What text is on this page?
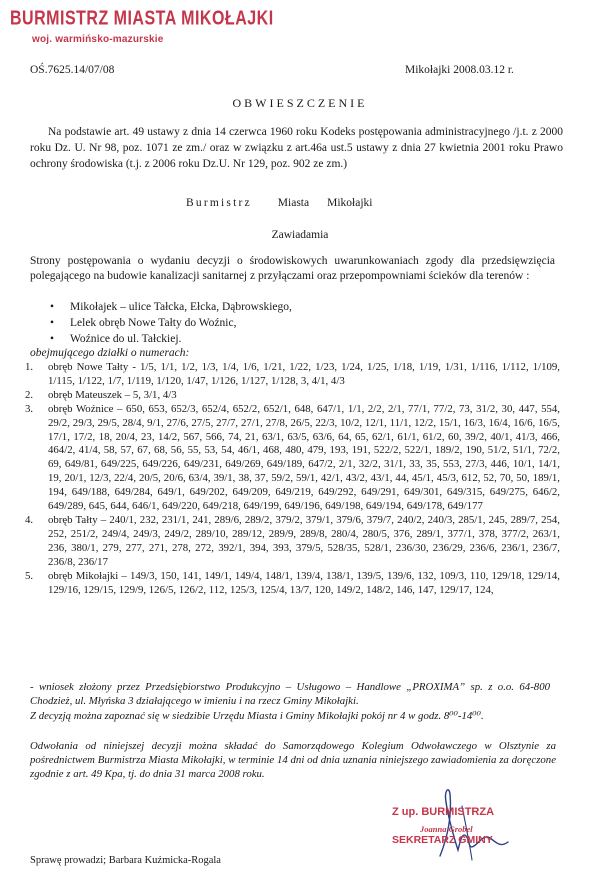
BURMISTRZ MIASTA MIKOŁAJKI
woj. warmińsko-mazurskie
OŚ.7625.14/07/08	Mikołajki 2008.03.12 r.
OBWIESZCZENIE

Na podstawie art. 49 ustawy z dnia 14 czerwca 1960 roku Kodeks postępowania administracyjnego /j.t. z 2000 roku Dz. U. Nr 98, poz. 1071 ze zm./ oraz w związku z art.46a ust.5 ustawy z dnia 27 kwietnia 2001 roku Prawo ochrony środowiska (t.j. z 2006 roku Dz.U. Nr 129, poz. 902 ze zm.)

Burmistrz Miasta Mikołajki
Zawiadamia

Strony postępowania o wydaniu decyzji o środowiskowych uwarunkowaniach zgody dla przedsięwzięcia polegającego na budowie kanalizacji sanitarnej z przyłączami oraz przepompowniami ścieków dla terenów :

• Mikołajek – ulice Tałcka, Ełcka, Dąbrowskiego,
• Lelek obręb Nowe Tałty do Woźnic,
• Woźnice do ul. Tałckiej.
obejmującego działki o numerach:
1. obręb Nowe Tałty - 1/5, 1/1, 1/2, 1/3, 1/4, 1/6, 1/21, 1/22, 1/23, 1/24, 1/25, 1/18, 1/19, 1/31, 1/116, 1/112, 1/109, 1/115, 1/122, 1/7, 1/119, 1/120, 1/47, 1/126, 1/127, 1/128, 3, 4/1, 4/3
2. obręb Mateuszek – 5, 3/1, 4/3
3. obręb Woźnice – 650, 653, 652/3, 652/4, 652/2, 652/1, 648, 647/1, 1/1, 2/2, 2/1, 77/1, 77/2, 73, 31/2, 30, 447, 554, 29/2, 29/3, 29/5, 28/4, 9/1, 27/6, 27/5, 27/7, 27/1, 27/8, 26/5, 22/3, 10/2, 12/1, 11/1, 12/2, 15/1, 16/3, 16/4, 16/6, 16/5, 17/1, 17/2, 18, 20/4, 23, 14/2, 567, 566, 74, 21, 63/1, 63/5, 63/6, 64, 65, 62/1, 61/1, 61/2, 60, 39/2, 40/1, 41/3, 466, 464/2, 41/4, 58, 57, 67, 68, 56, 55, 53, 54, 46/1, 468, 480, 479, 193, 191, 522/2, 522/1, 189/2, 190, 51/2, 51/1, 72/2, 69, 649/81, 649/225, 649/226, 649/231, 649/269, 649/189, 647/2, 2/1, 32/2, 31/1, 33, 35, 553, 27/3, 446, 10/1, 14/1, 19, 20/1, 12/3, 22/4, 20/5, 20/6, 63/4, 39/1, 38, 37, 59/2, 59/1, 42/1, 43/2, 43/1, 44, 45/1, 45/3, 612, 52, 70, 50, 189/1, 194, 649/188, 649/284, 649/1, 649/202, 649/209, 649/219, 649/292, 649/291, 649/301, 649/315, 649/275, 646/2, 649/289, 645, 644, 646/1, 649/220, 649/218, 649/199, 649/196, 649/198, 649/194, 649/178, 649/177
4. obręb Tałty – 240/1, 232, 231/1, 241, 289/6, 289/2, 379/2, 379/1, 379/6, 379/7, 240/2, 240/3, 285/1, 245, 289/7, 254, 252, 251/2, 249/4, 249/3, 249/2, 289/10, 289/12, 289/9, 289/8, 280/4, 280/5, 376, 289/1, 377/1, 378, 377/2, 263/1, 236, 380/1, 279, 277, 271, 278, 272, 392/1, 394, 393, 379/5, 528/35, 528/1, 236/30, 236/29, 236/6, 236/1, 236/7, 236/8, 236/17
5. obręb Mikołajki – 149/3, 150, 141, 149/1, 149/4, 148/1, 139/4, 138/1, 139/5, 139/6, 132, 109/3, 110, 129/18, 129/14, 129/16, 129/15, 129/9, 126/5, 126/2, 112, 125/3, 125/4, 13/7, 120, 149/2, 148/2, 146, 147, 129/17, 124,

- wniosek złożony przez Przedsiębiorstwo Produkcyjno – Usługowo – Handlowe „PROXIMA” sp. z o.o. 64-800 Chodzież, ul. Młyńska 3 działającego w imieniu i na rzecz Gminy Mikołajki.

Z decyzją można zapoznać się w siedzibie Urzędu Miasta i Gminy Mikołajki pokój nr 4 w godz. 8⁰⁰-14⁰⁰.

Odwołania od niniejszej decyzji można składać do Samorządowego Kolegium Odwoławczego w Olsztynie za pośrednictwem Burmistrza Miasta Mikołajki, w terminie 14 dni od dnia uznania niniejszego zawiadomienia za doręczone zgodnie z art. 49 Kpa, tj. do dnia 31 marca 2008 roku.

Z up. BURMISTRZA
Joanna Grobel
SEKRETARZ GMINY
Sprawę prowadzi; Barbara Kuźmicka-Rogala
